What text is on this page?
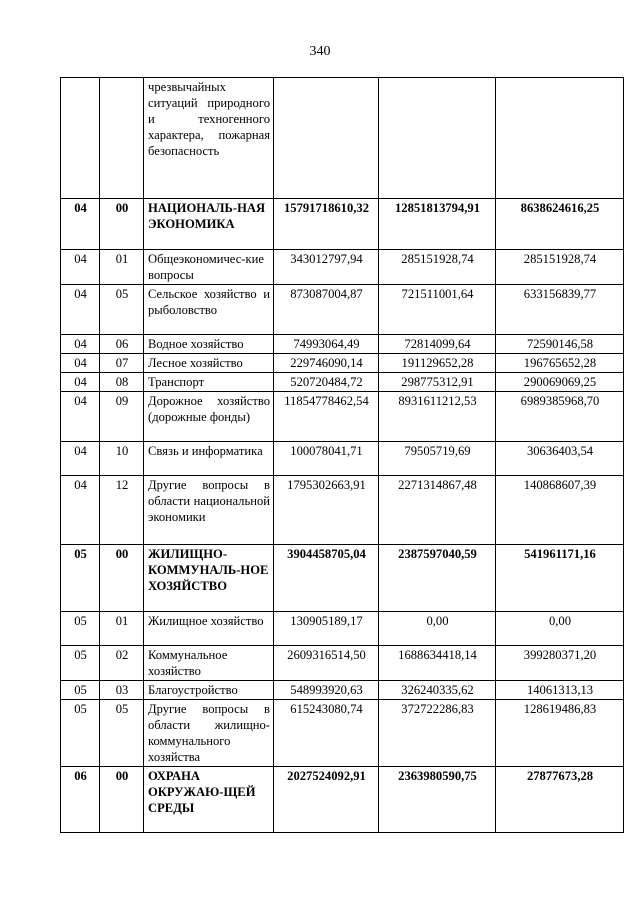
340
		чрезвычайных ситуаций природного и техногенного характера, пожарная безопасность			
04	00	НАЦИОНАЛЬ-НАЯ ЭКОНОМИКА	15791718610,32	12851813794,91	8638624616,25
04	01	Общеэкономичес-кие вопросы	343012797,94	285151928,74	285151928,74
04	05	Сельское хозяйство и рыболовство	873087004,87	721511001,64	633156839,77
04	06	Водное хозяйство	74993064,49	72814099,64	72590146,58
04	07	Лесное хозяйство	229746090,14	191129652,28	196765652,28
04	08	Транспорт	520720484,72	298775312,91	290069069,25
04	09	Дорожное хозяйство (дорожные фонды)	11854778462,54	8931611212,53	6989385968,70
04	10	Связь и информатика	100078041,71	79505719,69	30636403,54
04	12	Другие вопросы в области национальной экономики	1795302663,91	2271314867,48	140868607,39
05	00	ЖИЛИЩНО-КОММУНАЛЬ-НОЕ ХОЗЯЙСТВО	3904458705,04	2387597040,59	541961171,16
05	01	Жилищное хозяйство	130905189,17	0,00	0,00
05	02	Коммунальное хозяйство	2609316514,50	1688634418,14	399280371,20
05	03	Благоустройство	548993920,63	326240335,62	14061313,13
05	05	Другие вопросы в области жилищно-коммунального хозяйства	615243080,74	372722286,83	128619486,83
06	00	ОХРАНА ОКРУЖАЮ-ЩЕЙ СРЕДЫ	2027524092,91	2363980590,75	27877673,28
